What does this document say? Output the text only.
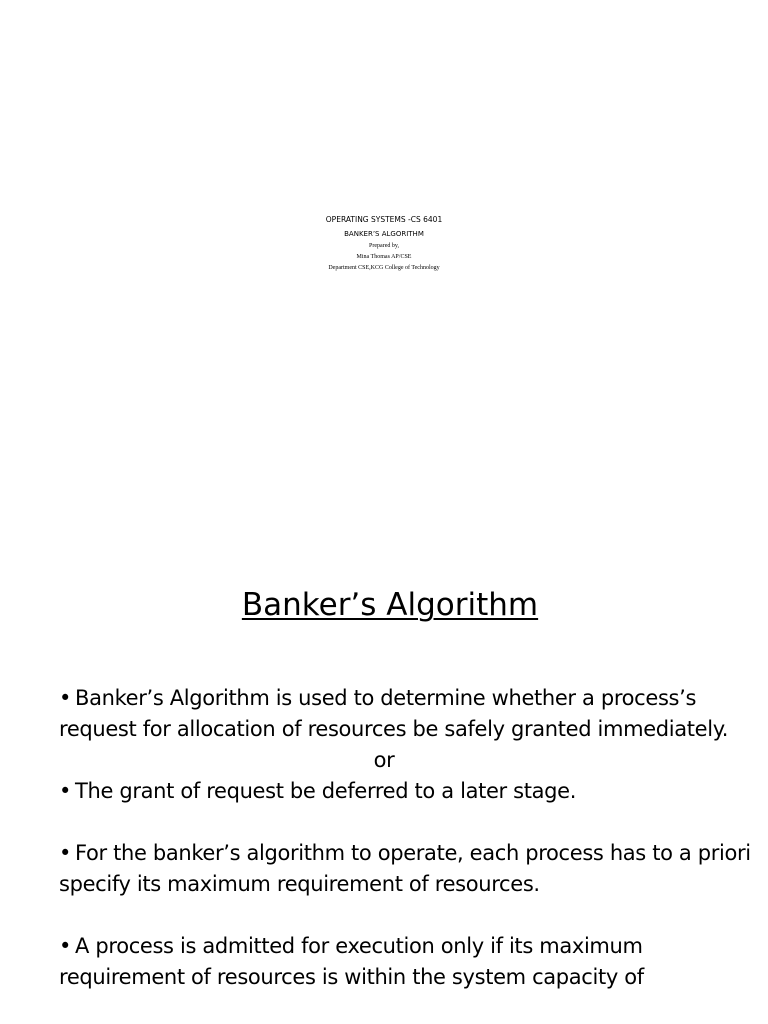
OPERATING SYSTEMS -CS 6401
BANKER’S ALGORITHM
Prepared by,
Mina Thomas AP/CSE
Department CSE,KCG College of Technology
Banker’s Algorithm

• Banker’s Algorithm is used to determine whether a process’s request for allocation of resources be safely granted immediately.

or

• The grant of request be deferred to a later stage.

• For the banker’s algorithm to operate, each process has to a priori specify its maximum requirement of resources.

• A process is admitted for execution only if its maximum requirement of resources is within the system capacity of
